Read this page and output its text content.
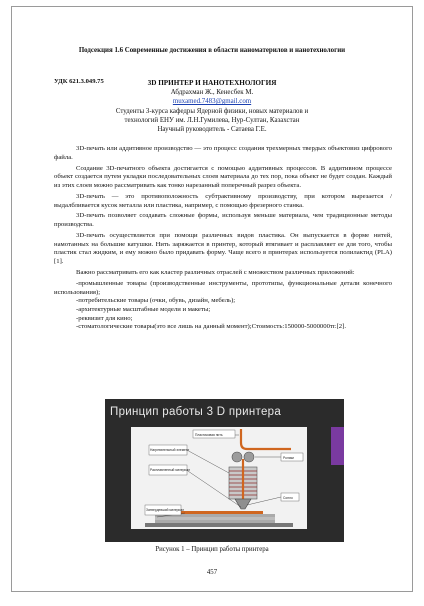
Подсекция 1.6 Современные достижения в области наноматерилов и нанотехнологии
УДК 621.3.049.75	3D ПРИНТЕР И НАНОТЕХНОЛОГИЯ
Абдрахман Ж., Кенесбек М.
muxamed.7483@gmail.com
Студенты 3-курса кафедры Ядерной физики, новых материалов и
технологий ЕНУ им. Л.Н.Гумилева, Нур-Султан, Казахстан
Научный руководитель - Сатаева Г.Е.

3D-печать или аддитивное производство — это процесс создания трехмерных твердых объектовиз цифрового файла.

Создание 3D-печатного объекта достигается с помощью аддитивных процессов. В аддитивном процессе объект создается путем укладки последовательных слоев материала до тех пор, пока объект не будет создан. Каждый из этих слоев можно рассматривать как тонко нарезанный поперечный разрез объекта.

3D-печать — это противоположность субтрактивному производству, при котором вырезается / выдалбливается кусок металла или пластика, например, с помощью фрезерного станка.

3D-печать позволяет создавать сложные формы, используя меньше материала, чем традиционные методы производства.

3D-печать осуществляется при помощи различных видов пластика. Он выпускается в форме нитей, намотанных на большие катушки. Нить заряжается в принтер, который втягивает и расплавляет ее для того, чтобы пластик стал жидким, и ему можно было придавать форму. Чаще всего в принтерах используется полилактид (PLA) [1].

Важно рассматривать его как кластер различных отраслей с множеством различных приложений:

-промышленные товары (производственные инструменты, прототипы, функциональные детали конечного использования);
-потребительские товары (очки, обувь, дизайн, мебель);
-архитектурные масштабные модели и макеты;
-реквизит для кино;
-стоматологические товары(это все лишь на данный момент);Стоимость:150000-5000000тг.[2].
Принцип работы 3 D принтера
Пластиковая нить
Нагревательный элемент
Расплавленный материал
Затвердевший материал
Ролики
Сопло
Рисунок 1 – Принцип работы принтера
457
